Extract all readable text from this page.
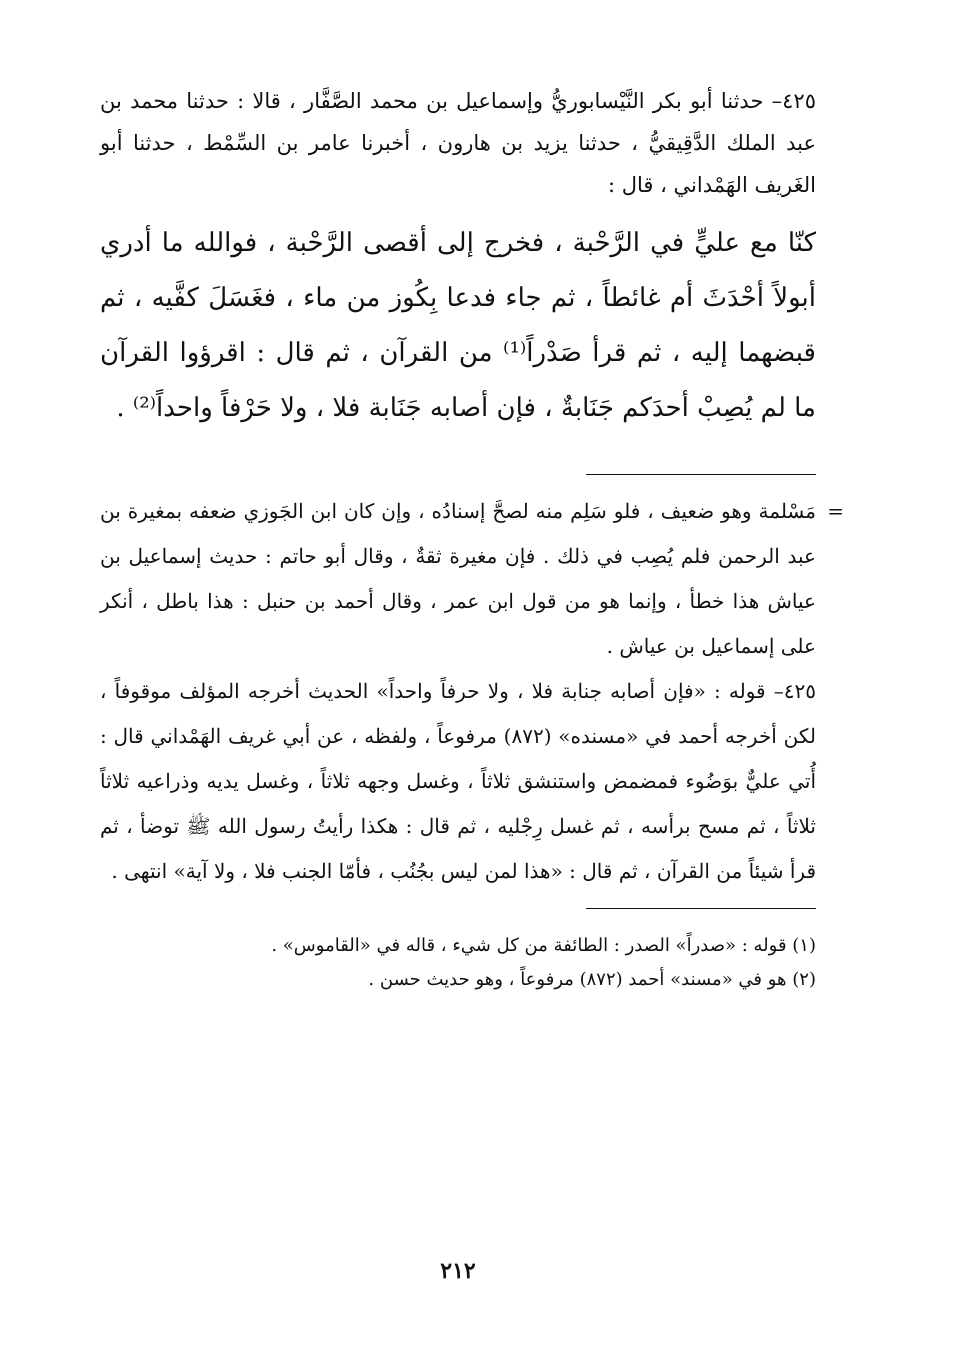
٤٢٥– حدثنا أبو بكر النَّيْسابوريُّ وإسماعيل بن محمد الصَّفَّار ، قالا : حدثنا محمد بن عبد الملك الدَّقِيقيُّ ، حدثنا يزيد بن هارون ، أخبرنا عامر بن السِّمْط ، حدثنا أبو الغَريف الهَمْداني ، قال :

كنّا مع عليٍّ في الرَّحْبة ، فخرج إلى أقصى الرَّحْبة ، فوالله ما أدري أبولاً أحْدَثَ أم غائطاً ، ثم جاء فدعا بِكُوز من ماء ، فغَسَلَ كفَّيه ، ثم قبضهما إليه ، ثم قرأ صَدْراً⁽¹⁾ من القرآن ، ثم قال : اقرؤوا القرآن ما لم يُصِبْ أحدَكم جَنَابةٌ ، فإن أصابه جَنَابة فلا ، ولا حَرْفاً واحداً⁽²⁾ .

=

مَسْلمة وهو ضعيف ، فلو سَلِم منه لصحَّ إسنادُه ، وإن كان ابن الجَوزي ضعفه بمغيرة بن عبد الرحمن فلم يُصِب في ذلك . فإن مغيرة ثقةٌ ، وقال أبو حاتم : حديث إسماعيل بن عياش هذا خطأ ، وإنما هو من قول ابن عمر ، وقال أحمد بن حنبل : هذا باطل ، أنكر على إسماعيل بن عياش .

٤٢٥– قوله : «فإن أصابه جنابة فلا ، ولا حرفاً واحداً» الحديث أخرجه المؤلف موقوفاً ، لكن أخرجه أحمد في «مسنده» (٨٧٢) مرفوعاً ، ولفظه ، عن أبي غريف الهَمْداني قال : أُتي عليٌّ بوَضُوء فمضمض واستنشق ثلاثاً ، وغسل وجهه ثلاثاً ، وغسل يديه وذراعيه ثلاثاً ثلاثاً ، ثم مسح برأسه ، ثم غسل رِجْليه ، ثم قال : هكذا رأيتُ رسول الله ﷺ توضأ ، ثم قرأ شيئاً من القرآن ، ثم قال : «هذا لمن ليس بجُنُب ، فأمّا الجنب فلا ، ولا آية» انتهى .

(١) قوله : «صدراً» الصدر : الطائفة من كل شيء ، قاله في «القاموس» .

(٢) هو في «مسند» أحمد (٨٧٢) مرفوعاً ، وهو حديث حسن .

٢١٢
